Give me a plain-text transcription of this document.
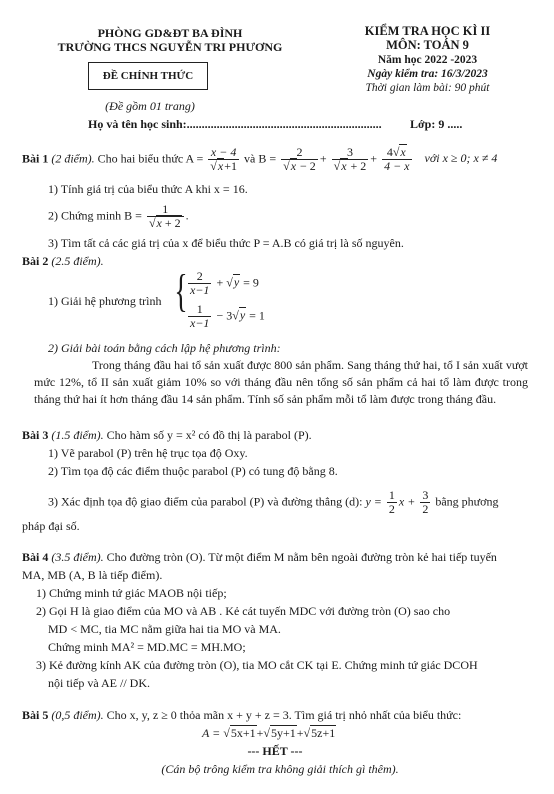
PHÒNG GD&ĐT BA ĐÌNH
TRƯỜNG THCS NGUYỄN TRI PHƯƠNG
ĐỀ CHÍNH THỨC
(Đề gồm 01 trang)
KIỂM TRA HỌC KÌ II
MÔN: TOÁN 9
Năm học 2022 -2023
Ngày kiểm tra: 16/3/2023
Thời gian làm bài: 90 phút
Họ và tên học sinh:................................................................. Lớp: 9 .....
Bài 1 (2 điểm). Cho hai biểu thức $A = \frac{x - 4}{√x+1}$ và $B = \frac{2}{√x - 2} + \frac{3}{√x + 2} + \frac{4√x}{4 - x}$ với x ≥ 0; x ≠ 4
1) Tính giá trị của biểu thức A khi x = 16.
2) Chứng minh $B = \frac{1}{√x + 2}$ .
3) Tìm tất cả các giá trị của x để biểu thức P = A.B có giá trị là số nguyên.
Bài 2 (2.5 điểm).
1) Giải hệ phương trình { $\frac{2}{x-1} + √y = 9$
$\frac{1}{x-1} - 3√y = 1$
2) Giải bài toán bằng cách lập hệ phương trình:
Trong tháng đầu hai tổ sản xuất được 800 sản phẩm. Sang tháng thứ hai, tổ I sản xuất vượt mức 12%, tổ II sản xuất giảm 10% so với tháng đầu nên tổng số sản phẩm cả hai tổ làm được trong tháng thứ hai ít hơn tháng đầu 14 sản phẩm. Tính số sản phẩm mỗi tổ làm được trong tháng đầu.
Bài 3 (1.5 điểm). Cho hàm số y = x² có đồ thị là parabol (P).
1) Vẽ parabol (P) trên hệ trục tọa độ Oxy.
2) Tìm tọa độ các điểm thuộc parabol (P) có tung độ bằng 8.
3) Xác định tọa độ giao điểm của parabol (P) và đường thẳng (d): $y = \frac{1}{2}$ $x + \frac{3}{2}$ bằng phương
pháp đại số.
Bài 4 (3.5 điểm). Cho đường tròn (O). Từ một điểm M nằm bên ngoài đường tròn kẻ hai tiếp tuyến
MA, MB (A, B là tiếp điểm).
1) Chứng minh tứ giác MAOB nội tiếp;
2) Gọi H là giao điểm của MO và AB . Kẻ cát tuyến MDC với đường tròn (O) sao cho
MD < MC, tia MC nằm giữa hai tia MO và MA.
Chứng minh MA² = MD.MC = MH.MO;
3) Kẻ đường kính AK của đường tròn (O), tia MO cắt CK tại E. Chứng minh tứ giác DCOH
nội tiếp và AE // DK.
Bài 5 (0,5 điểm). Cho x, y, z ≥ 0 thỏa mãn x + y + z = 3. Tìm giá trị nhỏ nhất của biểu thức:
A = √5x+1+√5y+1+√5z+1
--- HẾT ---
(Cán bộ trông kiểm tra không giải thích gì thêm).
